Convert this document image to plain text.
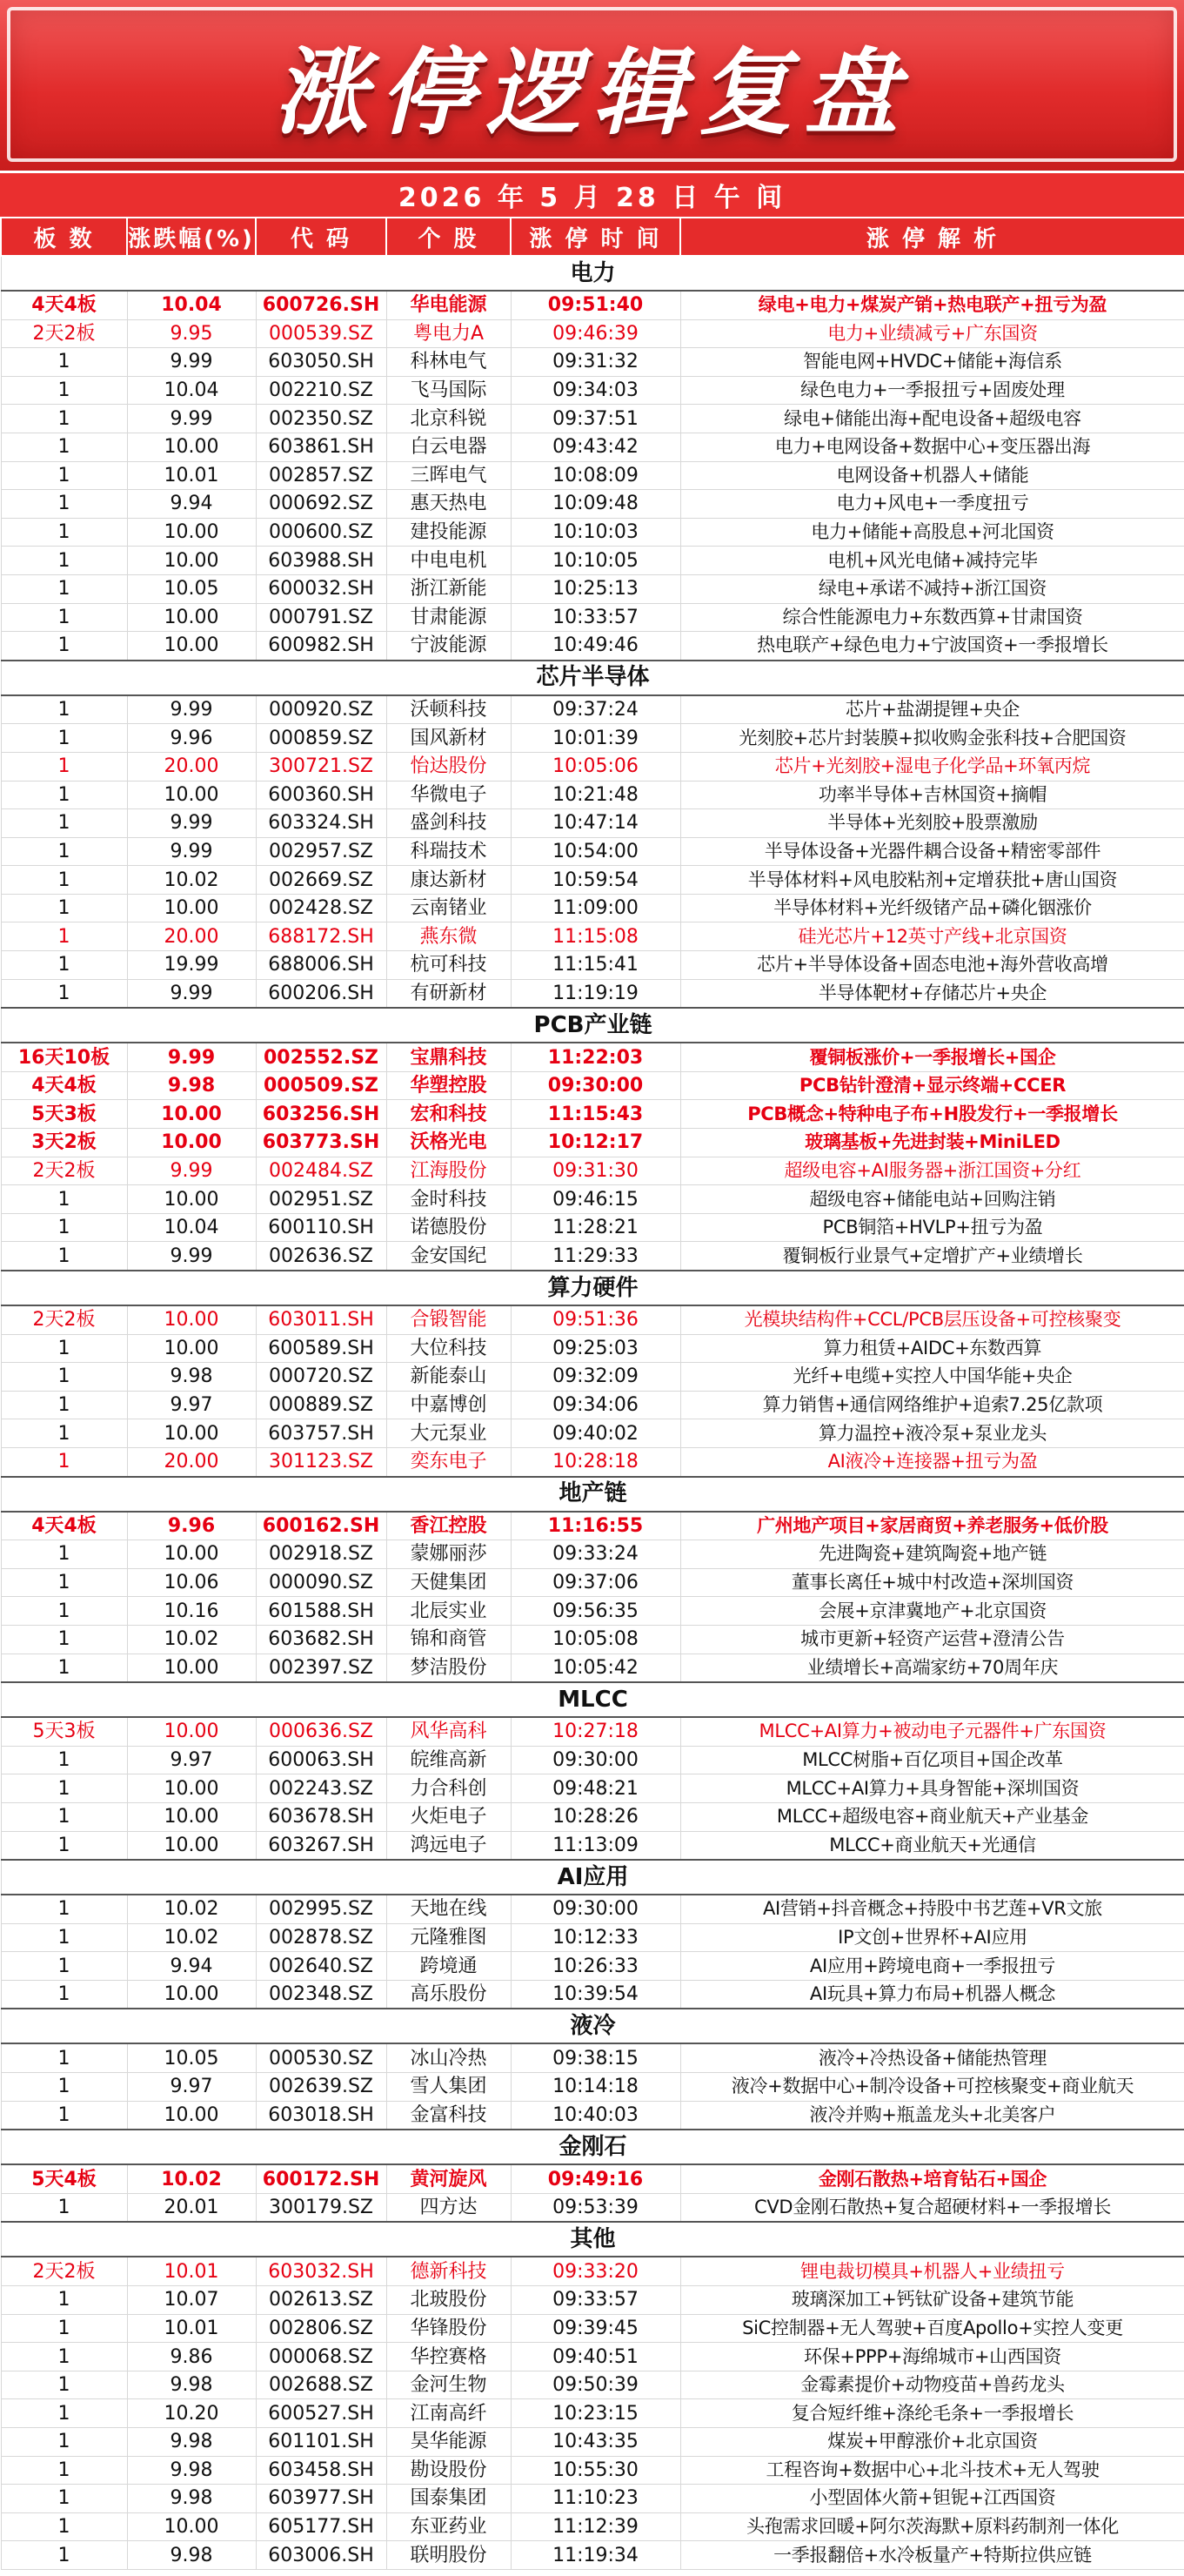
涨停逻辑复盘
2026 年 5 月 28 日 午 间
板 数	涨跌幅(%)	代 码	个 股	涨 停 时 间	涨 停 解 析
电力					
4天4板	10.04	600726.SH	华电能源	09:51:40	绿电+电力+煤炭产销+热电联产+扭亏为盈
2天2板	9.95	000539.SZ	粤电力A	09:46:39	电力+业绩减亏+广东国资
1	9.99	603050.SH	科林电气	09:31:32	智能电网+HVDC+储能+海信系
1	10.04	002210.SZ	飞马国际	09:34:03	绿色电力+一季报扭亏+固废处理
1	9.99	002350.SZ	北京科锐	09:37:51	绿电+储能出海+配电设备+超级电容
1	10.00	603861.SH	白云电器	09:43:42	电力+电网设备+数据中心+变压器出海
1	10.01	002857.SZ	三晖电气	10:08:09	电网设备+机器人+储能
1	9.94	000692.SZ	惠天热电	10:09:48	电力+风电+一季度扭亏
1	10.00	000600.SZ	建投能源	10:10:03	电力+储能+高股息+河北国资
1	10.00	603988.SH	中电电机	10:10:05	电机+风光电储+减持完毕
1	10.05	600032.SH	浙江新能	10:25:13	绿电+承诺不减持+浙江国资
1	10.00	000791.SZ	甘肃能源	10:33:57	综合性能源电力+东数西算+甘肃国资
1	10.00	600982.SH	宁波能源	10:49:46	热电联产+绿色电力+宁波国资+一季报增长
芯片半导体					
1	9.99	000920.SZ	沃顿科技	09:37:24	芯片+盐湖提锂+央企
1	9.96	000859.SZ	国风新材	10:01:39	光刻胶+芯片封装膜+拟收购金张科技+合肥国资
1	20.00	300721.SZ	怡达股份	10:05:06	芯片+光刻胶+湿电子化学品+环氧丙烷
1	10.00	600360.SH	华微电子	10:21:48	功率半导体+吉林国资+摘帽
1	9.99	603324.SH	盛剑科技	10:47:14	半导体+光刻胶+股票激励
1	9.99	002957.SZ	科瑞技术	10:54:00	半导体设备+光器件耦合设备+精密零部件
1	10.02	002669.SZ	康达新材	10:59:54	半导体材料+风电胶粘剂+定增获批+唐山国资
1	10.00	002428.SZ	云南锗业	11:09:00	半导体材料+光纤级锗产品+磷化铟涨价
1	20.00	688172.SH	燕东微	11:15:08	硅光芯片+12英寸产线+北京国资
1	19.99	688006.SH	杭可科技	11:15:41	芯片+半导体设备+固态电池+海外营收高增
1	9.99	600206.SH	有研新材	11:19:19	半导体靶材+存储芯片+央企
PCB产业链					
16天10板	9.99	002552.SZ	宝鼎科技	11:22:03	覆铜板涨价+一季报增长+国企
4天4板	9.98	000509.SZ	华塑控股	09:30:00	PCB钻针澄清+显示终端+CCER
5天3板	10.00	603256.SH	宏和科技	11:15:43	PCB概念+特种电子布+H股发行+一季报增长
3天2板	10.00	603773.SH	沃格光电	10:12:17	玻璃基板+先进封装+MiniLED
2天2板	9.99	002484.SZ	江海股份	09:31:30	超级电容+AI服务器+浙江国资+分红
1	10.00	002951.SZ	金时科技	09:46:15	超级电容+储能电站+回购注销
1	10.04	600110.SH	诺德股份	11:28:21	PCB铜箔+HVLP+扭亏为盈
1	9.99	002636.SZ	金安国纪	11:29:33	覆铜板行业景气+定增扩产+业绩增长
算力硬件					
2天2板	10.00	603011.SH	合锻智能	09:51:36	光模块结构件+CCL/PCB层压设备+可控核聚变
1	10.00	600589.SH	大位科技	09:25:03	算力租赁+AIDC+东数西算
1	9.98	000720.SZ	新能泰山	09:32:09	光纤+电缆+实控人中国华能+央企
1	9.97	000889.SZ	中嘉博创	09:34:06	算力销售+通信网络维护+追索7.25亿款项
1	10.00	603757.SH	大元泵业	09:40:02	算力温控+液冷泵+泵业龙头
1	20.00	301123.SZ	奕东电子	10:28:18	AI液冷+连接器+扭亏为盈
地产链					
4天4板	9.96	600162.SH	香江控股	11:16:55	广州地产项目+家居商贸+养老服务+低价股
1	10.00	002918.SZ	蒙娜丽莎	09:33:24	先进陶瓷+建筑陶瓷+地产链
1	10.06	000090.SZ	天健集团	09:37:06	董事长离任+城中村改造+深圳国资
1	10.16	601588.SH	北辰实业	09:56:35	会展+京津冀地产+北京国资
1	10.02	603682.SH	锦和商管	10:05:08	城市更新+轻资产运营+澄清公告
1	10.00	002397.SZ	梦洁股份	10:05:42	业绩增长+高端家纺+70周年庆
MLCC					
5天3板	10.00	000636.SZ	风华高科	10:27:18	MLCC+AI算力+被动电子元器件+广东国资
1	9.97	600063.SH	皖维高新	09:30:00	MLCC树脂+百亿项目+国企改革
1	10.00	002243.SZ	力合科创	09:48:21	MLCC+AI算力+具身智能+深圳国资
1	10.00	603678.SH	火炬电子	10:28:26	MLCC+超级电容+商业航天+产业基金
1	10.00	603267.SH	鸿远电子	11:13:09	MLCC+商业航天+光通信
AI应用					
1	10.02	002995.SZ	天地在线	09:30:00	AI营销+抖音概念+持股中书艺莲+VR文旅
1	10.02	002878.SZ	元隆雅图	10:12:33	IP文创+世界杯+AI应用
1	9.94	002640.SZ	跨境通	10:26:33	AI应用+跨境电商+一季报扭亏
1	10.00	002348.SZ	高乐股份	10:39:54	AI玩具+算力布局+机器人概念
液冷					
1	10.05	000530.SZ	冰山冷热	09:38:15	液冷+冷热设备+储能热管理
1	9.97	002639.SZ	雪人集团	10:14:18	液冷+数据中心+制冷设备+可控核聚变+商业航天
1	10.00	603018.SH	金富科技	10:40:03	液冷并购+瓶盖龙头+北美客户
金刚石					
5天4板	10.02	600172.SH	黄河旋风	09:49:16	金刚石散热+培育钻石+国企
1	20.01	300179.SZ	四方达	09:53:39	CVD金刚石散热+复合超硬材料+一季报增长
其他					
2天2板	10.01	603032.SH	德新科技	09:33:20	锂电裁切模具+机器人+业绩扭亏
1	10.07	002613.SZ	北玻股份	09:33:57	玻璃深加工+钙钛矿设备+建筑节能
1	10.01	002806.SZ	华锋股份	09:39:45	SiC控制器+无人驾驶+百度Apollo+实控人变更
1	9.86	000068.SZ	华控赛格	09:40:51	环保+PPP+海绵城市+山西国资
1	9.98	002688.SZ	金河生物	09:50:39	金霉素提价+动物疫苗+兽药龙头
1	10.20	600527.SH	江南高纤	10:23:15	复合短纤维+涤纶毛条+一季报增长
1	9.98	601101.SH	昊华能源	10:43:35	煤炭+甲醇涨价+北京国资
1	9.98	603458.SH	勘设股份	10:55:30	工程咨询+数据中心+北斗技术+无人驾驶
1	9.98	603977.SH	国泰集团	11:10:23	小型固体火箭+钽铌+江西国资
1	10.00	605177.SH	东亚药业	11:12:39	头孢需求回暖+阿尔茨海默+原料药制剂一体化
1	9.98	603006.SH	联明股份	11:19:34	一季报翻倍+水冷板量产+特斯拉供应链
